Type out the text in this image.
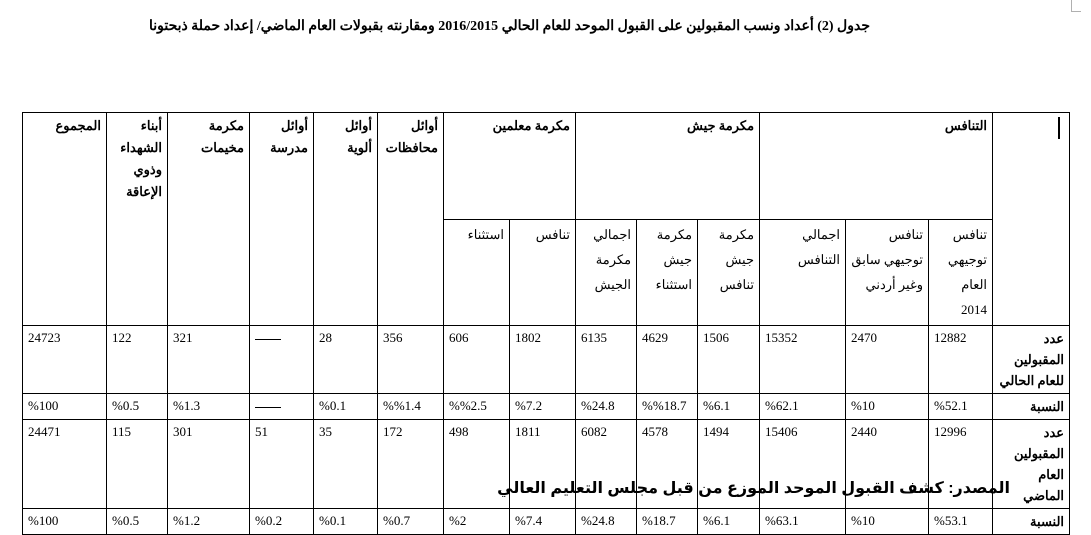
جدول (2) أعداد ونسب المقبولين على القبول الموحد للعام الحالي 2016/2015 ومقارنته بقبولات العام الماضي/ إعداد حملة ذبحتونا
	التنافس			مكرمة جيش			مكرمة معلمين		أوائل محافظات	أوائل ألوية	أوائل مدرسة	مكرمة مخيمات	أبناء الشهداء وذوي الإعاقة	المجموع
	تنافس توجيهي العام 2014	تنافس توجيهي سابق وغير أردني	اجمالي التنافس	مكرمة جيش تنافس	مكرمة جيش استثناء	اجمالي مكرمة الجيش	تنافس	استثناء						
عدد المقبولين للعام الحالي	12882	2470	15352	1506	4629	6135	1802	606	356	28		321	122	24723
النسبة	%52.1	%10	%62.1	%6.1	%%18.7	%24.8	%7.2	%%2.5	%%1.4	%0.1		%1.3	%0.5	%100
عدد المقبولين العام الماضي	12996	2440	15406	1494	4578	6082	1811	498	172	35	51	301	115	24471
النسبة	%53.1	%10	%63.1	%6.1	%18.7	%24.8	%7.4	%2	%0.7	%0.1	%0.2	%1.2	%0.5	%100
المصدر: كشف القبول الموحد الموزع من قبل مجلس التعليم العالي
